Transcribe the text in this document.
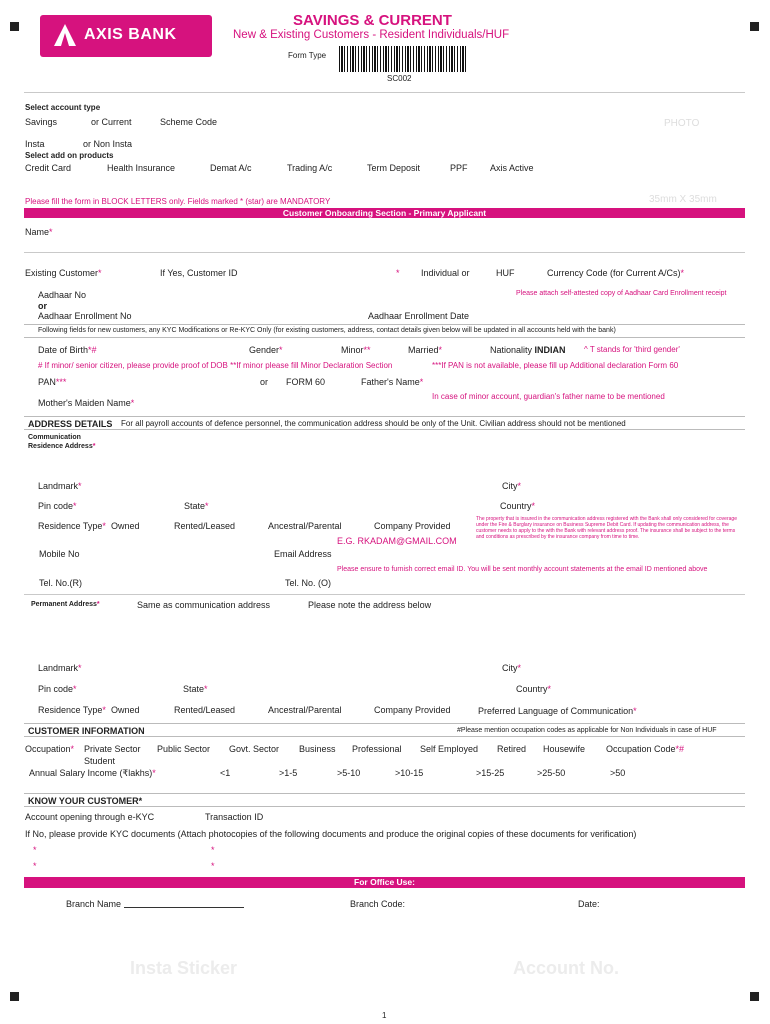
AXIS BANK
SAVINGS & CURRENT
New & Existing Customers - Resident Individuals/HUF
Form Type
SC002
PHOTO
35mm X 35mm
Select account type
Savings	or Current	Scheme Code
Insta	or Non Insta
Select add on products
Credit Card	Health Insurance	Demat A/c	Trading A/c	Term Deposit	PPF Axis Active
Please fill the form in BLOCK LETTERS only. Fields marked * (star) are MANDATORY
Customer Onboarding Section - Primary Applicant
Name*
Existing Customer*	If Yes, Customer ID	* Individual or	HUF	Currency Code (for Current A/Cs)*
Aadhaar No	Please attach self-attested copy of Aadhaar Card Enrollment receipt
or
Aadhaar Enrollment No	Aadhaar Enrollment Date
Following fields for new customers, any KYC Modifications or Re-KYC Only (for existing customers, address, contact details given below will be updated in all accounts held with the bank)
Date of Birth*#	Gender*	Minor**	Married*	Nationality INDIAN ^ T stands for 'third gender'
# If minor/ senior citizen, please provide proof of DOB **If minor please fill Minor Declaration Section	***If PAN is not available, please fill up Additional declaration Form 60
PAN***	or FORM 60	Father's Name*
In case of minor account, guardian's father name to be mentioned
Mother's Maiden Name*
ADDRESS DETAILS For all payroll accounts of defence personnel, the communication address should be only of the Unit. Civilian address should not be mentioned
Communication
Residence Address*
Landmark*	City*
Pin code*	State*	Country*
Residence Type* Owned	Rented/Leased	Ancestral/Parental	Company Provided
The property that is insured in the communication address registered with the Bank shall only considered for coverage under the Fire & Burglary insurance on Business Supreme Debit Card. If updating the communication address, the customer needs to apply to the with the Bank with relevant address proof. The insurance shall be subject to the terms and conditions as prescribed by the insurance company from time to time.
E.G. RKADAM@GMAIL.COM
Mobile No	Email Address
Please ensure to furnish correct email ID. You will be sent monthly account statements at the email ID mentioned above
Tel. No.(R)	Tel. No. (O)
Permanent Address*	Same as communication address	Please note the address below
Landmark*	City*
Pin code*	State*	Country*
Residence Type* Owned	Rented/Leased	Ancestral/Parental	Company Provided	Preferred Language of Communication*
CUSTOMER INFORMATION	#Please mention occupation codes as applicable for Non Individuals in case of HUF
Occupation* Private Sector Public Sector Govt. Sector Business Professional Self Employed Retired Housewife Occupation Code*#
Student
Annual Salary Income (₹lakhs)*	<1	>1-5	>5-10	>10-15	>15-25	>25-50	>50
KNOW YOUR CUSTOMER*
Account opening through e-KYC	Transaction ID
If No, please provide KYC documents (Attach photocopies of the following documents and produce the original copies of these documents for verification)
*	*
*	*
For Office Use:
Branch Name	Branch Code:	Date:
Insta Sticker	Account No.
1
